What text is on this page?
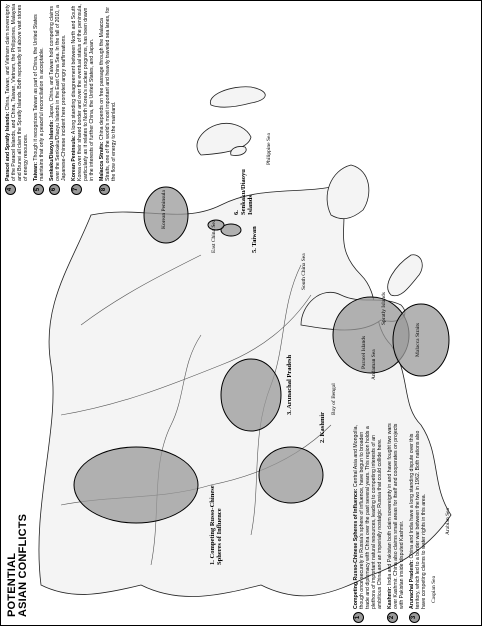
POTENTIAL ASIAN CONFLICTS	1. Competing Russo-Chinese Spheres of Influence
2. Kashmir
3. Arunachal Pradesh
5. Taiwan
6. Senkaku/Diaoyu Islands
Caspian Sea
Arabian Sea
Bay of Bengal
Andaman Sea
South China Sea
East China Sea
Philippine Sea
Korean Peninsula
Paracel Islands
Spratly Islands
Malacca Straits
1
Competing Russo-Chinese Spheres of Influence: Central Asia and Mongolia, though once securely in Russia's sphere of influence, have begun to broaden trade and diplomacy with China over the past several years. This region holds a plethora of important natural resources, leading to competing interests of an ambitious China and an imperially nostalgic Russia that could collide here.
2
Kashmir: India and Pakistan both claim sovereignty in and have fought two wars over Kashmir. China also claims small areas for itself and cooperates on projects with Pakistan inside disputed Kashmir.
3
Arunachal Pradesh: China and India have a long standing dispute over this territory, which led to a border war between the two in 1962. Both nations also have competing claims to water rights in this area.
4
Paracel and Spratly Islands: China, Taiwan, and Vietnam claim sovereignty of the Paracel Islands, and China, Taiwan, Vietnam, the Philippines, Malaysia and Brunei all claim the Spratly Islands. Both reportedly sit above vast stores of energy resources.
5
Taiwan: Though it recognizes Taiwan as part of China, the United States maintains that only a peaceful reconciliation is acceptable.
6
Senkaku/Diaoyu Islands: Japan, China, and Taiwan hold competing claims over the Senkaku/Diaoyu Islands in the East China Sea. In the fall of 2010, a Japanese-Chinese incident here prompted angry reaffirmations.
7
Korean Peninsula: A long standing disagreement between North and South Korea over their shared border and over the eventual status of the peninsula, particularly as it relates to North Korea's nuclear programs, has been drawn in the interests of further China, the United States, and Japan.
8
Malacca Straits: China depends on free passage through the Malacca Straits, one of the world's most important and heavily traveled sea lanes, for the flow of energy to the mainland.
